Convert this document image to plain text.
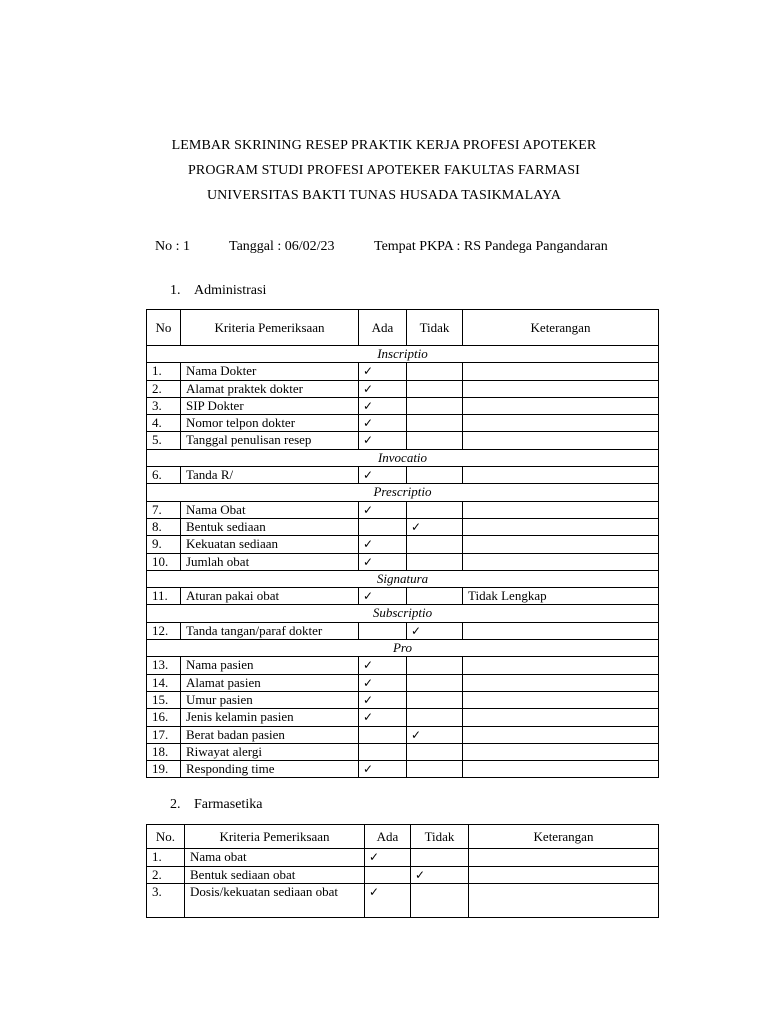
LEMBAR SKRINING RESEP PRAKTIK KERJA PROFESI APOTEKER
PROGRAM STUDI PROFESI APOTEKER FAKULTAS FARMASI
UNIVERSITAS BAKTI TUNAS HUSADA TASIKMALAYA
No : 1	Tanggal : 06/02/23	Tempat PKPA : RS Pandega Pangandaran
1. Administrasi
No	Kriteria Pemeriksaan	Ada	Tidak	Keterangan
Inscriptio				
1.	Nama Dokter	✓		
2.	Alamat praktek dokter	✓		
3.	SIP Dokter	✓		
4.	Nomor telpon dokter	✓		
5.	Tanggal penulisan resep	✓		
Invocatio				
6.	Tanda R/	✓		
Prescriptio				
7.	Nama Obat	✓		
8.	Bentuk sediaan		✓	
9.	Kekuatan sediaan	✓		
10.	Jumlah obat	✓		
Signatura				
11.	Aturan pakai obat	✓		Tidak Lengkap
Subscriptio				
12.	Tanda tangan/paraf dokter		✓	
Pro				
13.	Nama pasien	✓		
14.	Alamat pasien	✓		
15.	Umur pasien	✓		
16.	Jenis kelamin pasien	✓		
17.	Berat badan pasien		✓	
18.	Riwayat alergi			
19.	Responding time	✓		
2. Farmasetika
No.	Kriteria Pemeriksaan	Ada	Tidak	Keterangan
1.	Nama obat	✓		
2.	Bentuk sediaan obat		✓	
3.	Dosis/kekuatan sediaan obat	✓		
